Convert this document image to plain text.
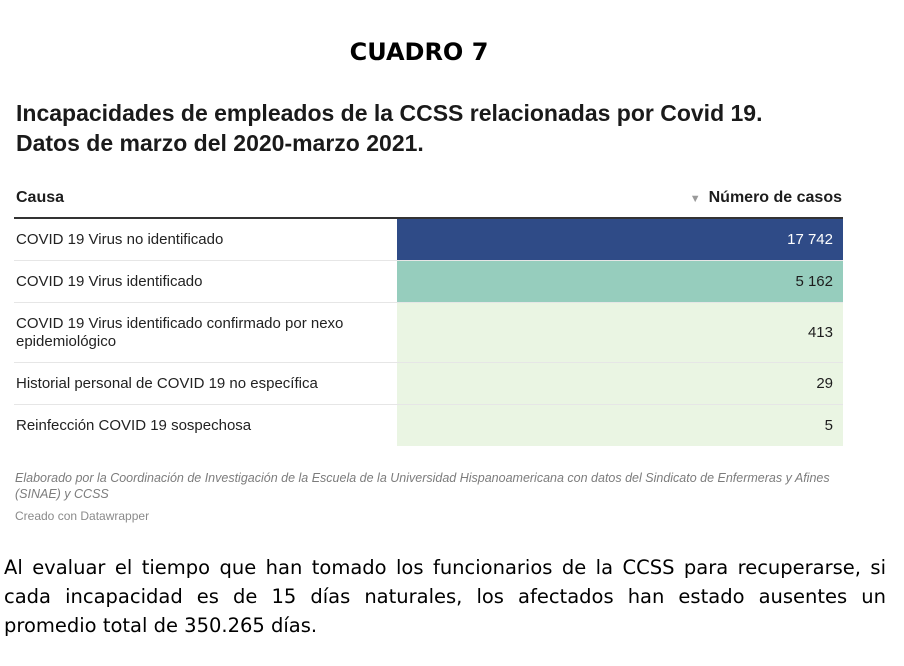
CUADRO 7
Incapacidades de empleados de la CCSS relacionadas por Covid 19.
Datos de marzo del 2020-marzo 2021.
Causa	▼ Número de casos
COVID 19 Virus no identificado	17 742
COVID 19 Virus identificado	5 162
COVID 19 Virus identificado confirmado por nexo epidemiológico	413
Historial personal de COVID 19 no específica	29
Reinfección COVID 19 sospechosa	5
Elaborado por la Coordinación de Investigación de la Escuela de la Universidad Hispanoamericana con datos del Sindicato de Enfermeras y Afines (SINAE) y CCSS
Creado con Datawrapper
Al evaluar el tiempo que han tomado los funcionarios de la CCSS para recuperarse, si cada incapacidad es de 15 días naturales, los afectados han estado ausentes un promedio total de 350.265 días.
